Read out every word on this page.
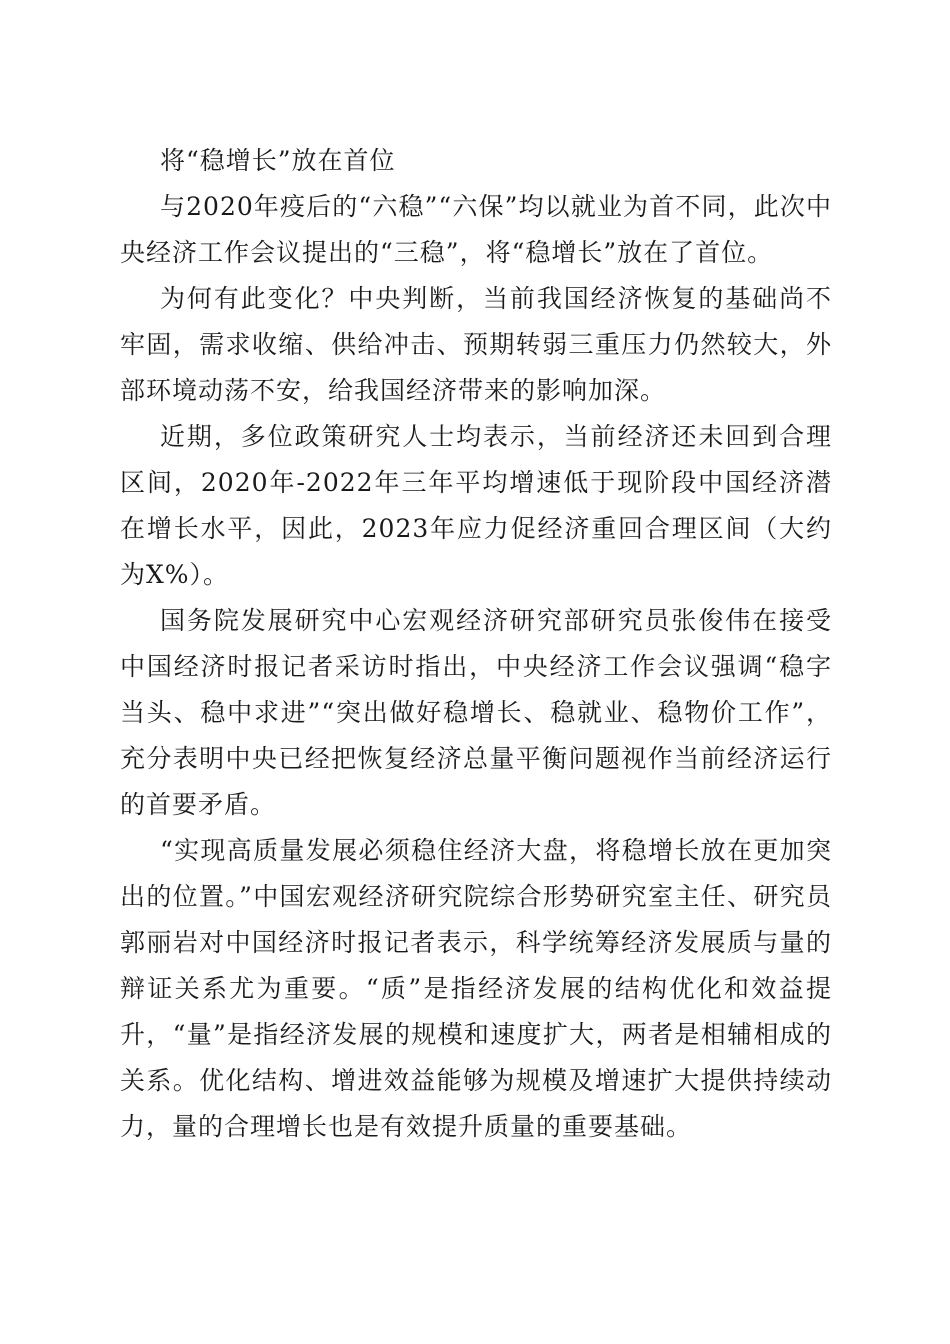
将“稳增长”放在首位

与2020年疫后的“六稳”“六保”均以就业为首不同，此次中央经济工作会议提出的“三稳”，将“稳增长”放在了首位。

为何有此变化？中央判断，当前我国经济恢复的基础尚不牢固，需求收缩、供给冲击、预期转弱三重压力仍然较大，外部环境动荡不安，给我国经济带来的影响加深。

近期，多位政策研究人士均表示，当前经济还未回到合理区间，2020年-2022年三年平均增速低于现阶段中国经济潜在增长水平，因此，2023年应力促经济重回合理区间（大约为X%）。

国务院发展研究中心宏观经济研究部研究员张俊伟在接受中国经济时报记者采访时指出，中央经济工作会议强调“稳字当头、稳中求进”“突出做好稳增长、稳就业、稳物价工作”，充分表明中央已经把恢复经济总量平衡问题视作当前经济运行的首要矛盾。

“实现高质量发展必须稳住经济大盘，将稳增长放在更加突出的位置。”中国宏观经济研究院综合形势研究室主任、研究员郭丽岩对中国经济时报记者表示，科学统筹经济发展质与量的辩证关系尤为重要。“质”是指经济发展的结构优化和效益提升，“量”是指经济发展的规模和速度扩大，两者是相辅相成的关系。优化结构、增进效益能够为规模及增速扩大提供持续动力，量的合理增长也是有效提升质量的重要基础。
